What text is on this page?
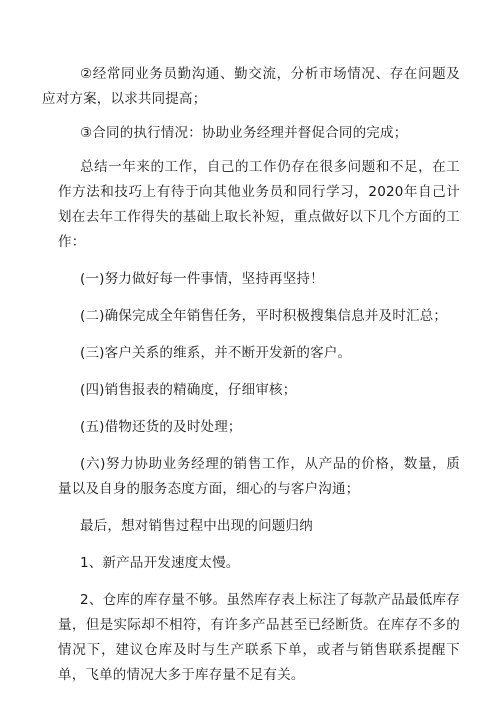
②经常同业务员勤沟通、勤交流，分析市场情况、存在问题及应对方案，以求共同提高；

③合同的执行情况：协助业务经理并督促合同的完成；

总结一年来的工作，自己的工作仍存在很多问题和不足，在工作方法和技巧上有待于向其他业务员和同行学习，2020年自己计划在去年工作得失的基础上取长补短，重点做好以下几个方面的工作：

(一)努力做好每一件事情，坚持再坚持！

(二)确保完成全年销售任务，平时积极搜集信息并及时汇总；

(三)客户关系的维系，并不断开发新的客户。

(四)销售报表的精确度，仔细审核；

(五)借物还货的及时处理；

(六)努力协助业务经理的销售工作，从产品的价格，数量，质量以及自身的服务态度方面，细心的与客户沟通；

最后，想对销售过程中出现的问题归纳

1、新产品开发速度太慢。

2、仓库的库存量不够。虽然库存表上标注了每款产品最低库存量，但是实际却不相符，有许多产品甚至已经断货。在库存不多的情况下，建议仓库及时与生产联系下单，或者与销售联系提醒下单，飞单的情况大多于库存量不足有关。
